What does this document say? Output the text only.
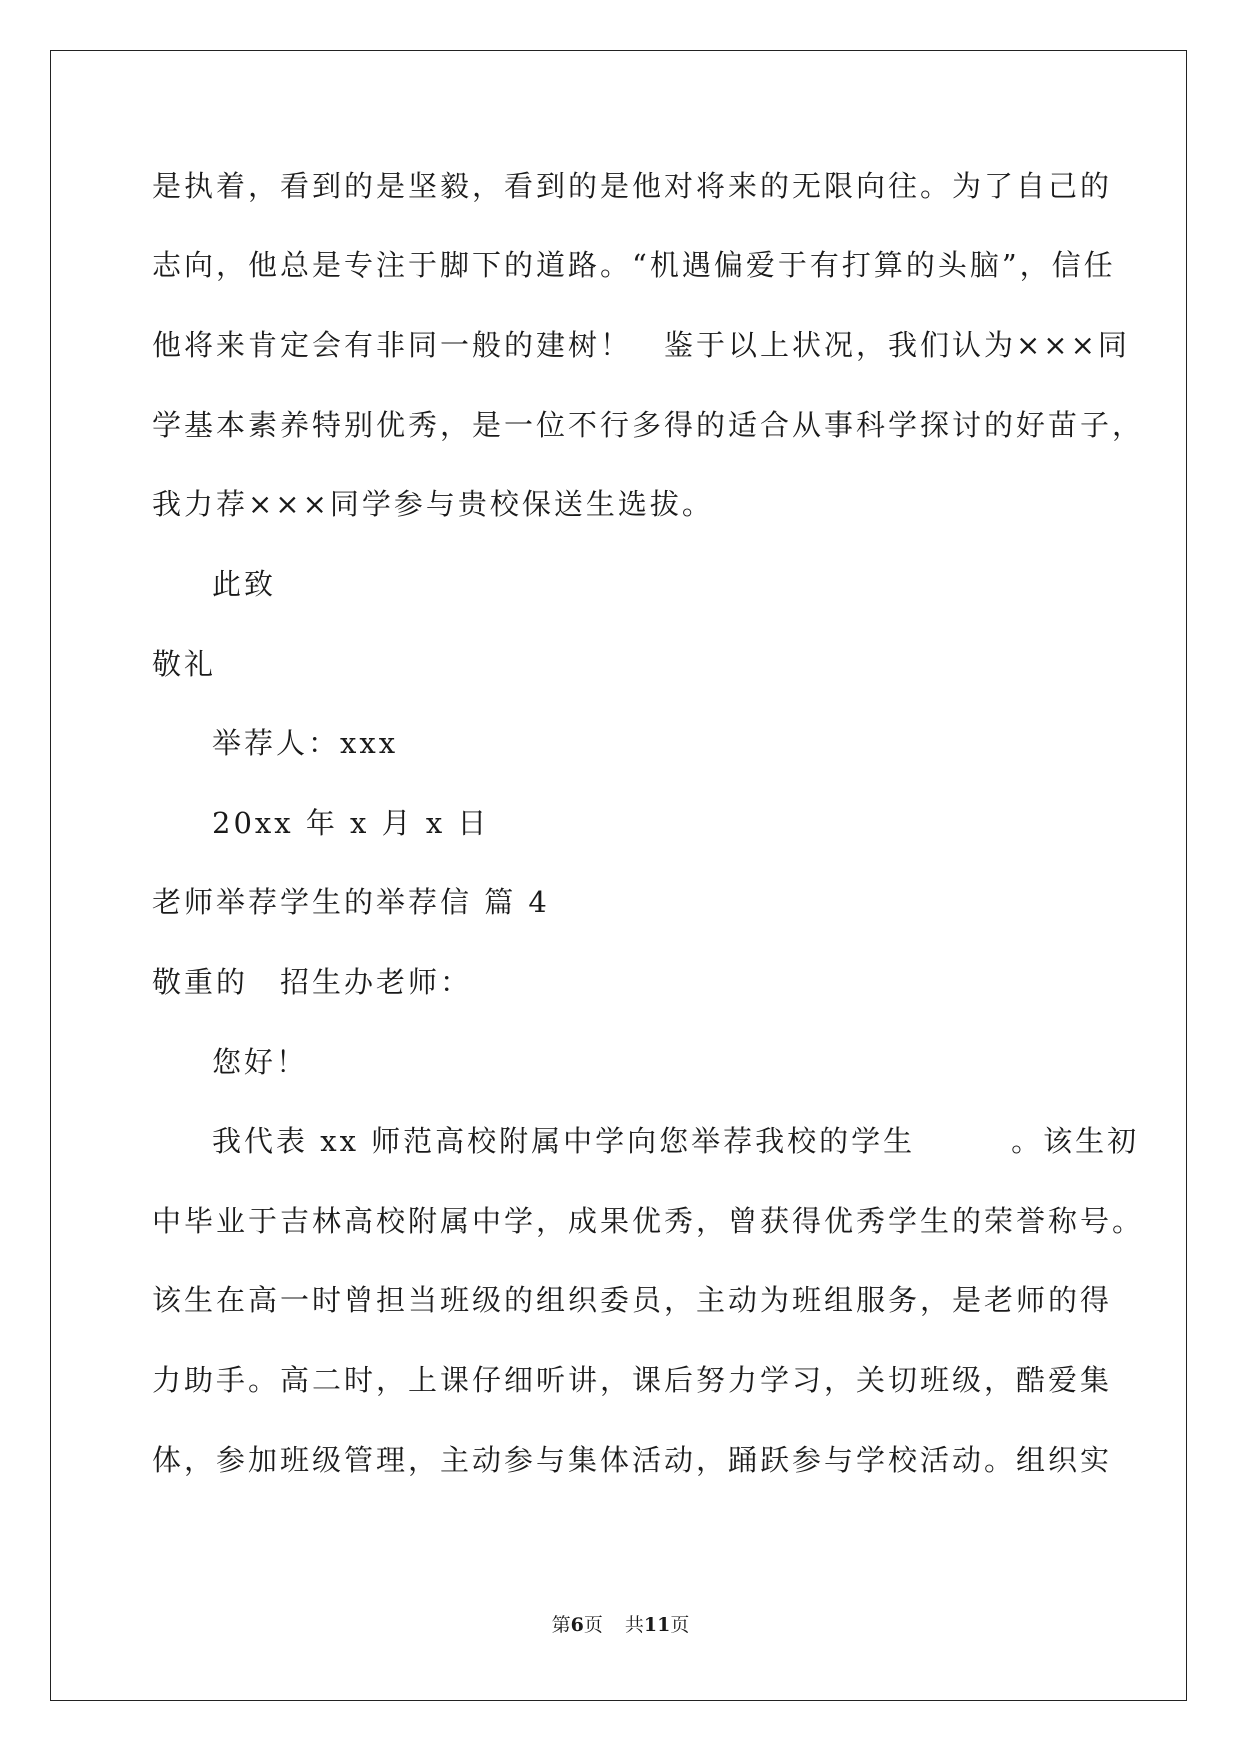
是执着，看到的是坚毅，看到的是他对将来的无限向往。为了自己的
志向，他总是专注于脚下的道路。“机遇偏爱于有打算的头脑”，信任
他将来肯定会有非同一般的建树！　鉴于以上状况，我们认为×××同
学基本素养特别优秀，是一位不行多得的适合从事科学探讨的好苗子，
我力荐×××同学参与贵校保送生选拔。
此致
敬礼
举荐人：xxx
20xx 年 x 月 x 日
老师举荐学生的举荐信 篇 4
敬重的　招生办老师：
您好！
我代表 xx 师范高校附属中学向您举荐我校的学生　　　。该生初
中毕业于吉林高校附属中学，成果优秀，曾获得优秀学生的荣誉称号。
该生在高一时曾担当班级的组织委员，主动为班组服务，是老师的得
力助手。高二时，上课仔细听讲，课后努力学习，关切班级，酷爱集
体，参加班级管理，主动参与集体活动，踊跃参与学校活动。组织实
第6页 共11页
